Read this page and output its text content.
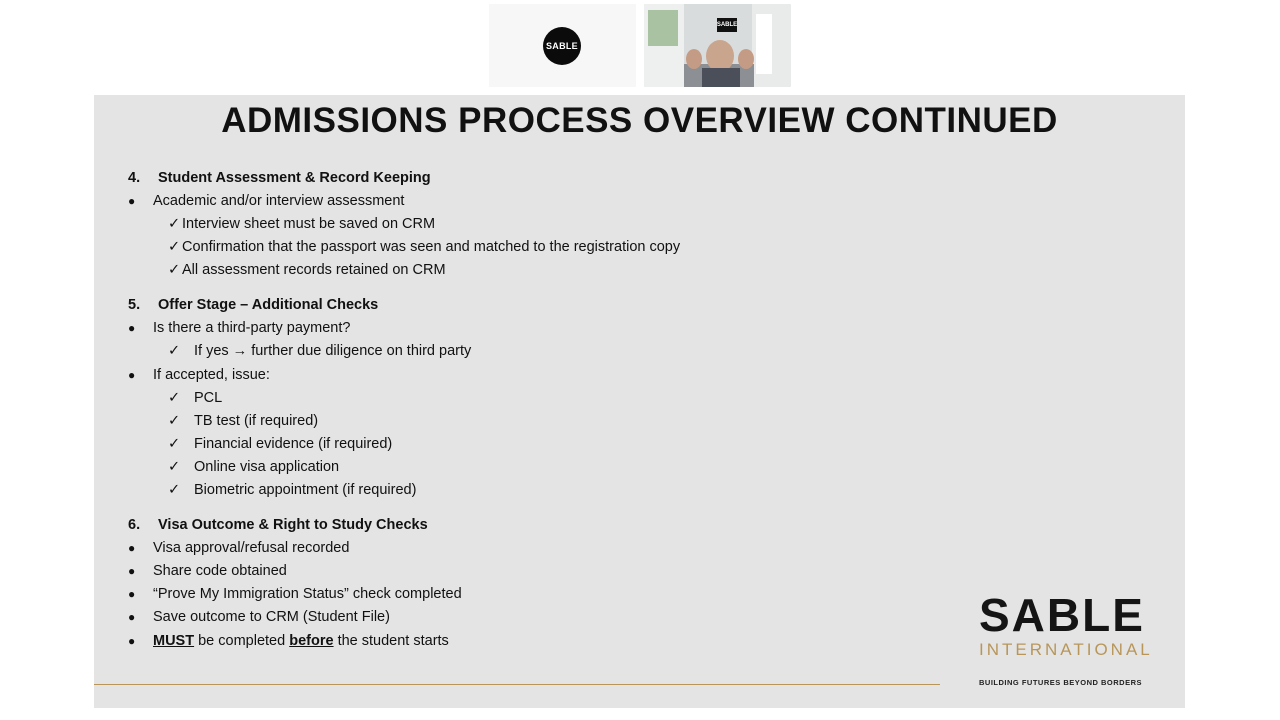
SABLE
SABLE
ADMISSIONS PROCESS OVERVIEW CONTINUED
4. Student Assessment & Record Keeping
● Academic and/or interview assessment
✓ Interview sheet must be saved on CRM
✓ Confirmation that the passport was seen and matched to the registration copy
✓ All assessment records retained on CRM
5. Offer Stage – Additional Checks
● Is there a third-party payment?
✓ If yes → further due diligence on third party
● If accepted, issue:
✓ PCL
✓ TB test (if required)
✓ Financial evidence (if required)
✓ Online visa application
✓ Biometric appointment (if required)
6. Visa Outcome & Right to Study Checks
● Visa approval/refusal recorded
● Share code obtained
● “Prove My Immigration Status” check completed
● Save outcome to CRM (Student File)
● MUST be completed before the student starts	SABLE
INTERNATIONAL
BUILDING FUTURES BEYOND BORDERS
